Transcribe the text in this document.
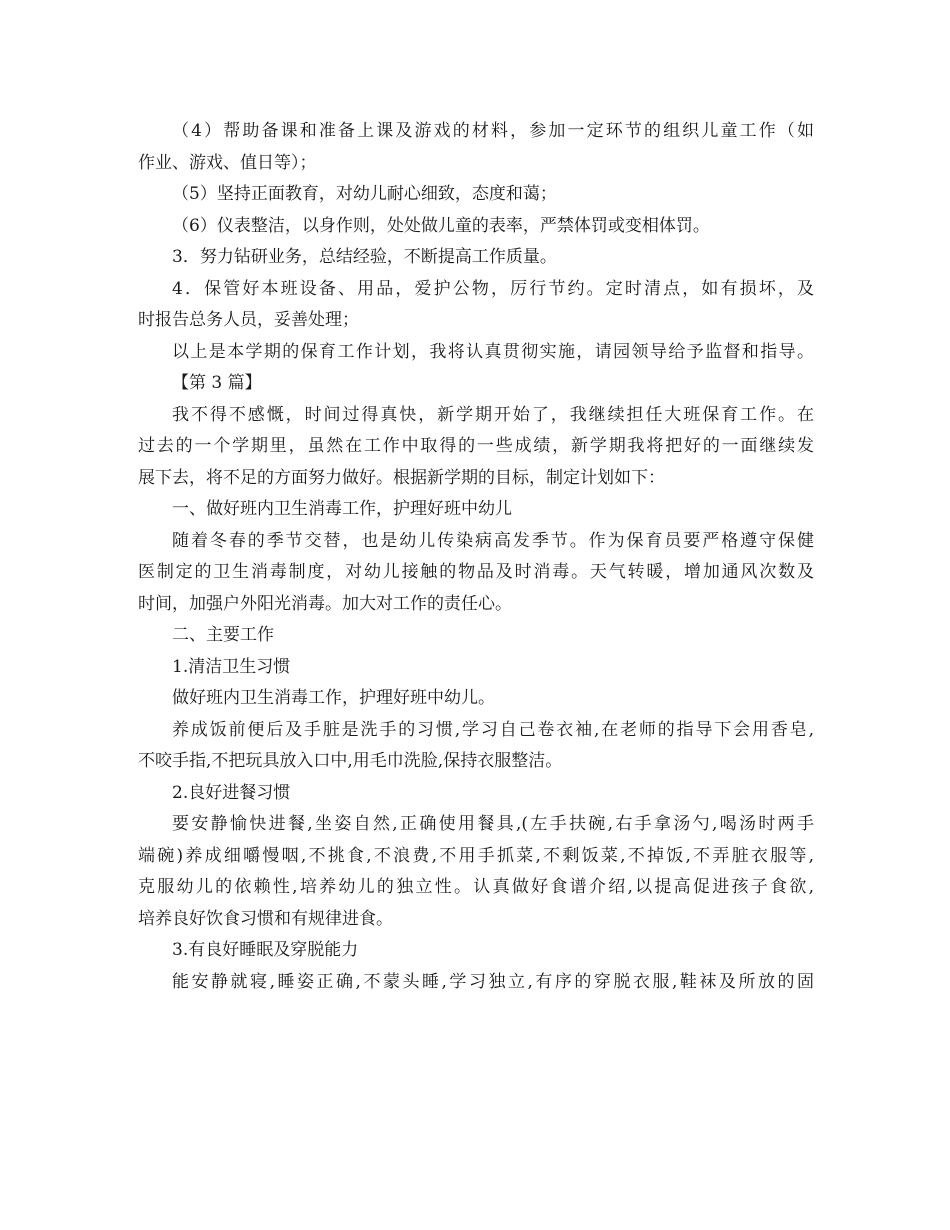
（4）帮助备课和准备上课及游戏的材料，参加一定环节的组织儿童工作（如
作业、游戏、值日等）；
（5）坚持正面教育，对幼儿耐心细致，态度和蔼；
（6）仪表整洁，以身作则，处处做儿童的表率，严禁体罚或变相体罚。
3．努力钻研业务，总结经验，不断提高工作质量。
4．保管好本班设备、用品，爱护公物，厉行节约。定时清点，如有损坏，及
时报告总务人员，妥善处理；
以上是本学期的保育工作计划，我将认真贯彻实施，请园领导给予监督和指导。
【第 3 篇】
我不得不感慨，时间过得真快，新学期开始了，我继续担任大班保育工作。在
过去的一个学期里，虽然在工作中取得的一些成绩，新学期我将把好的一面继续发
展下去，将不足的方面努力做好。根据新学期的目标，制定计划如下：
一、做好班内卫生消毒工作，护理好班中幼儿
随着冬春的季节交替，也是幼儿传染病高发季节。作为保育员要严格遵守保健
医制定的卫生消毒制度，对幼儿接触的物品及时消毒。天气转暖，增加通风次数及
时间，加强户外阳光消毒。加大对工作的责任心。
二、主要工作
1.清洁卫生习惯
做好班内卫生消毒工作，护理好班中幼儿。
养成饭前便后及手脏是洗手的习惯,学习自己卷衣袖,在老师的指导下会用香皂,
不咬手指,不把玩具放入口中,用毛巾洗脸,保持衣服整洁。
2.良好进餐习惯
要安静愉快进餐,坐姿自然,正确使用餐具,(左手扶碗,右手拿汤勺,喝汤时两手
端碗)养成细嚼慢咽,不挑食,不浪费,不用手抓菜,不剩饭菜,不掉饭,不弄脏衣服等,
克服幼儿的依赖性,培养幼儿的独立性。认真做好食谱介绍,以提高促进孩子食欲,
培养良好饮食习惯和有规律进食。
3.有良好睡眠及穿脱能力
能安静就寝,睡姿正确,不蒙头睡,学习独立,有序的穿脱衣服,鞋袜及所放的固
